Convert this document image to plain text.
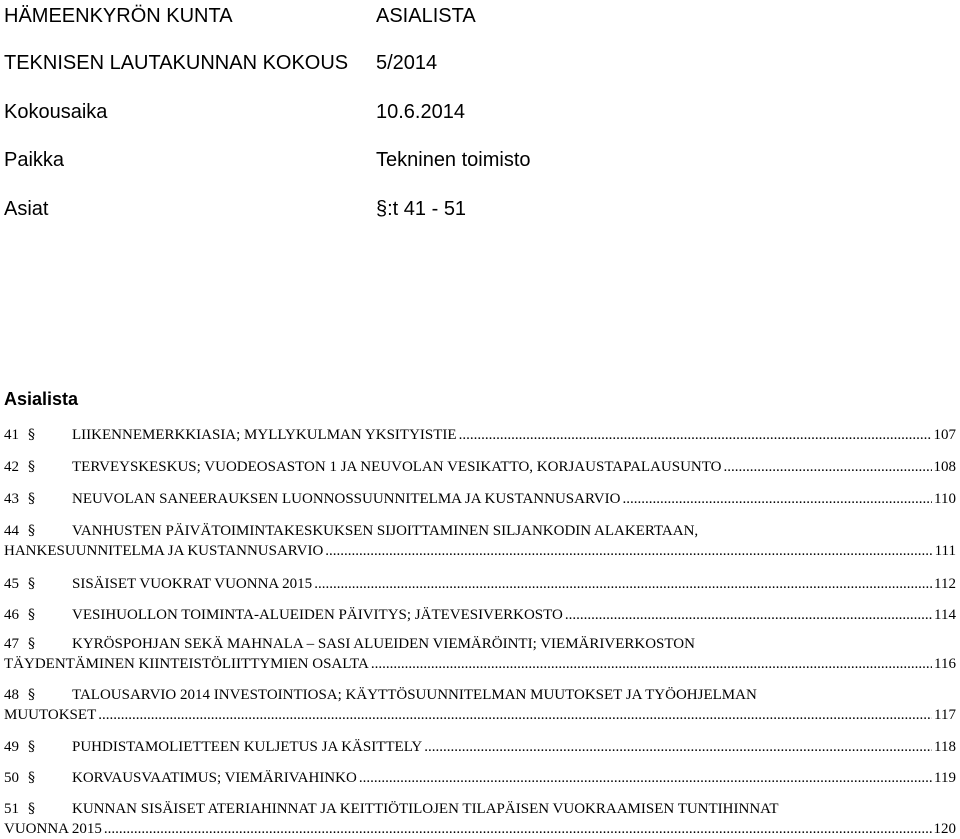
HÄMEENKYRÖN KUNTA	ASIALISTA
TEKNISEN LAUTAKUNNAN KOKOUS 5/2014
Kokousaika	10.6.2014
Paikka	Tekninen toimisto
Asiat	§:t 41 - 51
Asialista
41 §	LIIKENNEMERKKIASIA; MYLLYKULMAN YKSITYISTIE .....	107
42 §	TERVEYSKESKUS; VUODEOSASTON 1 JA NEUVOLAN VESIKATTO, KORJAUSTAPALAUSUNTO .....	108
43 §	NEUVOLAN SANEERAUKSEN LUONNOSSUUNNITELMA JA KUSTANNUSARVIO .....	110
44 §	VANHUSTEN PÄIVÄTOIMINTAKESKUKSEN SIJOITTAMINEN SILJANKODIN ALAKERTAAN,
HANKESUUNNITELMA JA KUSTANNUSARVIO .....	111
45 §	SISÄISET VUOKRAT VUONNA 2015 .....	112
46 §	VESIHUOLLON TOIMINTA-ALUEIDEN PÄIVITYS; JÄTEVESIVERKOSTO .....	114
47 §	KYRÖSPOHJAN SEKÄ MAHNALA – SASI ALUEIDEN VIEMÄRÖINTI; VIEMÄRIVERKOSTON
TÄYDENTÄMINEN KIINTEISTÖLIITTYMIEN OSALTA .....	116
48 §	TALOUSARVIO 2014 INVESTOINTIOSA; KÄYTTÖSUUNNITELMAN MUUTOKSET JA TYÖOHJELMAN
MUUTOKSET .....	117
49 §	PUHDISTAMOLIETTEEN KULJETUS JA KÄSITTELY .....	118
50 §	KORVAUSVAATIMUS; VIEMÄRIVAHINKO .....	119
51 §	KUNNAN SISÄISET ATERIAHINNAT JA KEITTIÖTILOJEN TILAPÄISEN VUOKRAAMISEN TUNTIHINNAT
VUONNA 2015 .....	120
